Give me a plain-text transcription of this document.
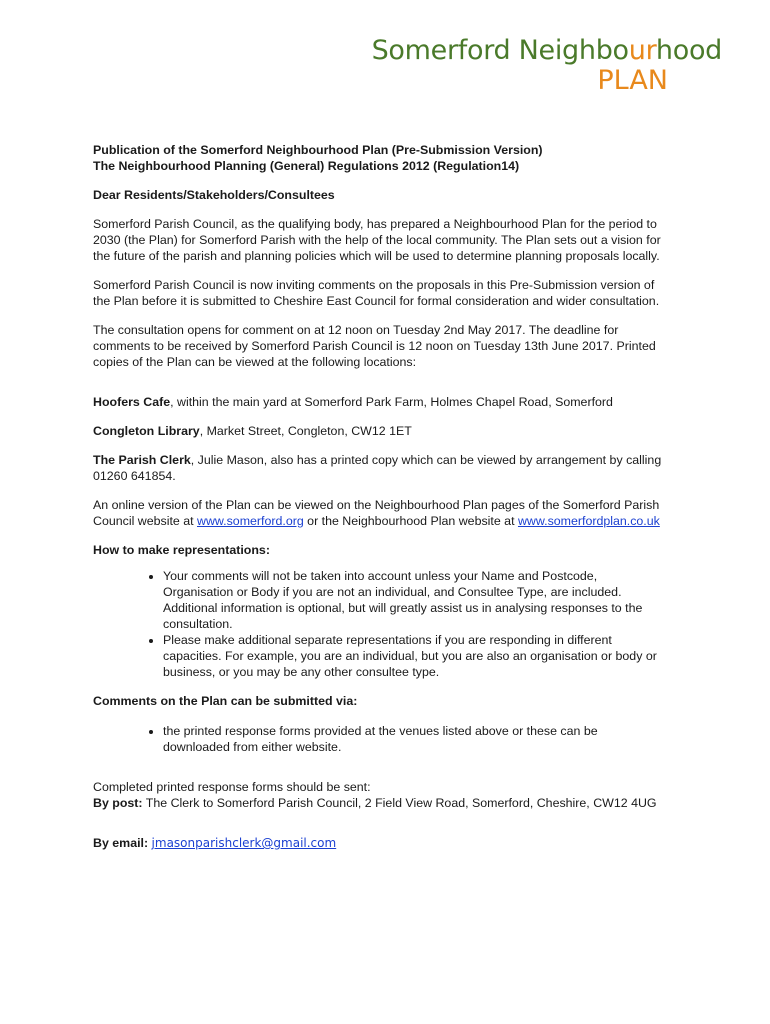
Somerford Neighbourhood
PLAN

Publication of the Somerford Neighbourhood Plan (Pre-Submission Version)

The Neighbourhood Planning (General) Regulations 2012 (Regulation14)

Dear Residents/Stakeholders/Consultees

Somerford Parish Council, as the qualifying body, has prepared a Neighbourhood Plan for the period to 2030 (the Plan) for Somerford Parish with the help of the local community. The Plan sets out a vision for the future of the parish and planning policies which will be used to determine planning proposals locally.

Somerford Parish Council is now inviting comments on the proposals in this Pre-Submission version of the Plan before it is submitted to Cheshire East Council for formal consideration and wider consultation.

The consultation opens for comment on at 12 noon on Tuesday 2nd May 2017. The deadline for comments to be received by Somerford Parish Council is 12 noon on Tuesday 13th June 2017. Printed copies of the Plan can be viewed at the following locations:

Hoofers Cafe, within the main yard at Somerford Park Farm, Holmes Chapel Road, Somerford

Congleton Library, Market Street, Congleton, CW12 1ET

The Parish Clerk, Julie Mason, also has a printed copy which can be viewed by arrangement by calling 01260 641854.

An online version of the Plan can be viewed on the Neighbourhood Plan pages of the Somerford Parish Council website at www.somerford.org or the Neighbourhood Plan website at www.somerfordplan.co.uk

How to make representations:

• Your comments will not be taken into account unless your Name and Postcode, Organisation or Body if you are not an individual, and Consultee Type, are included. Additional information is optional, but will greatly assist us in analysing responses to the consultation.
• Please make additional separate representations if you are responding in different capacities. For example, you are an individual, but you are also an organisation or body or business, or you may be any other consultee type.

Comments on the Plan can be submitted via:

• the printed response forms provided at the venues listed above or these can be downloaded from either website.

Completed printed response forms should be sent:

By post: The Clerk to Somerford Parish Council, 2 Field View Road, Somerford, Cheshire, CW12 4UG

By email: jmasonparishclerk@gmail.com
